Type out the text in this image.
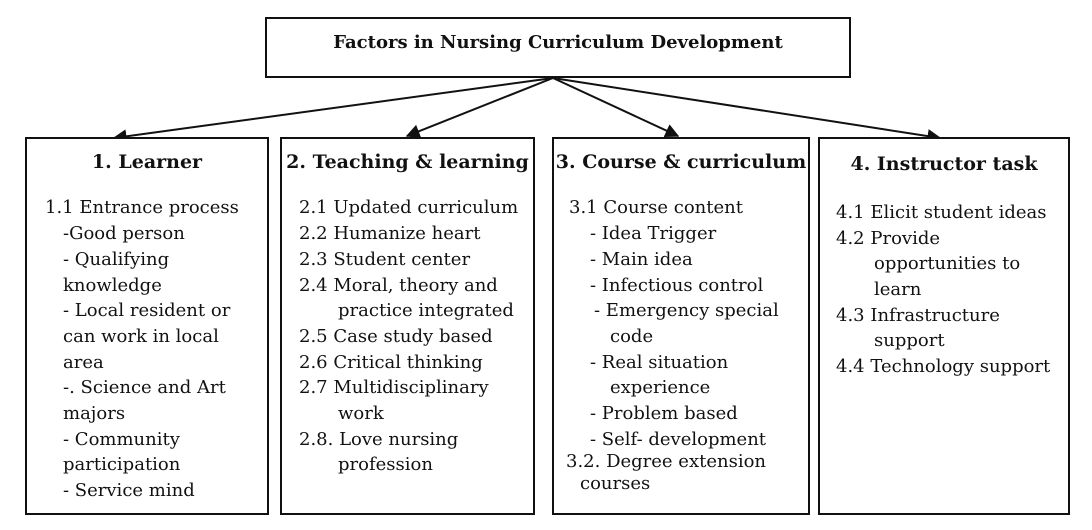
Factors in Nursing Curriculum Development
1. Learner
1.1 Entrance process
-Good person
- Qualifying
knowledge
- Local resident or
can work in local
area
-. Science and Art
majors
- Community
participation
- Service mind
2. Teaching & learning
2.1 Updated curriculum
2.2 Humanize heart
2.3 Student center
2.4 Moral, theory and
practice integrated
2.5 Case study based
2.6 Critical thinking
2.7 Multidisciplinary
work
2.8. Love nursing
profession
3. Course & curriculum
3.1 Course content
- Idea Trigger
- Main idea
- Infectious control
- Emergency special
code
- Real situation
experience
- Problem based
- Self- development
3.2. Degree extension
courses
4. Instructor task
4.1 Elicit student ideas
4.2 Provide
opportunities to
learn
4.3 Infrastructure
support
4.4 Technology support
